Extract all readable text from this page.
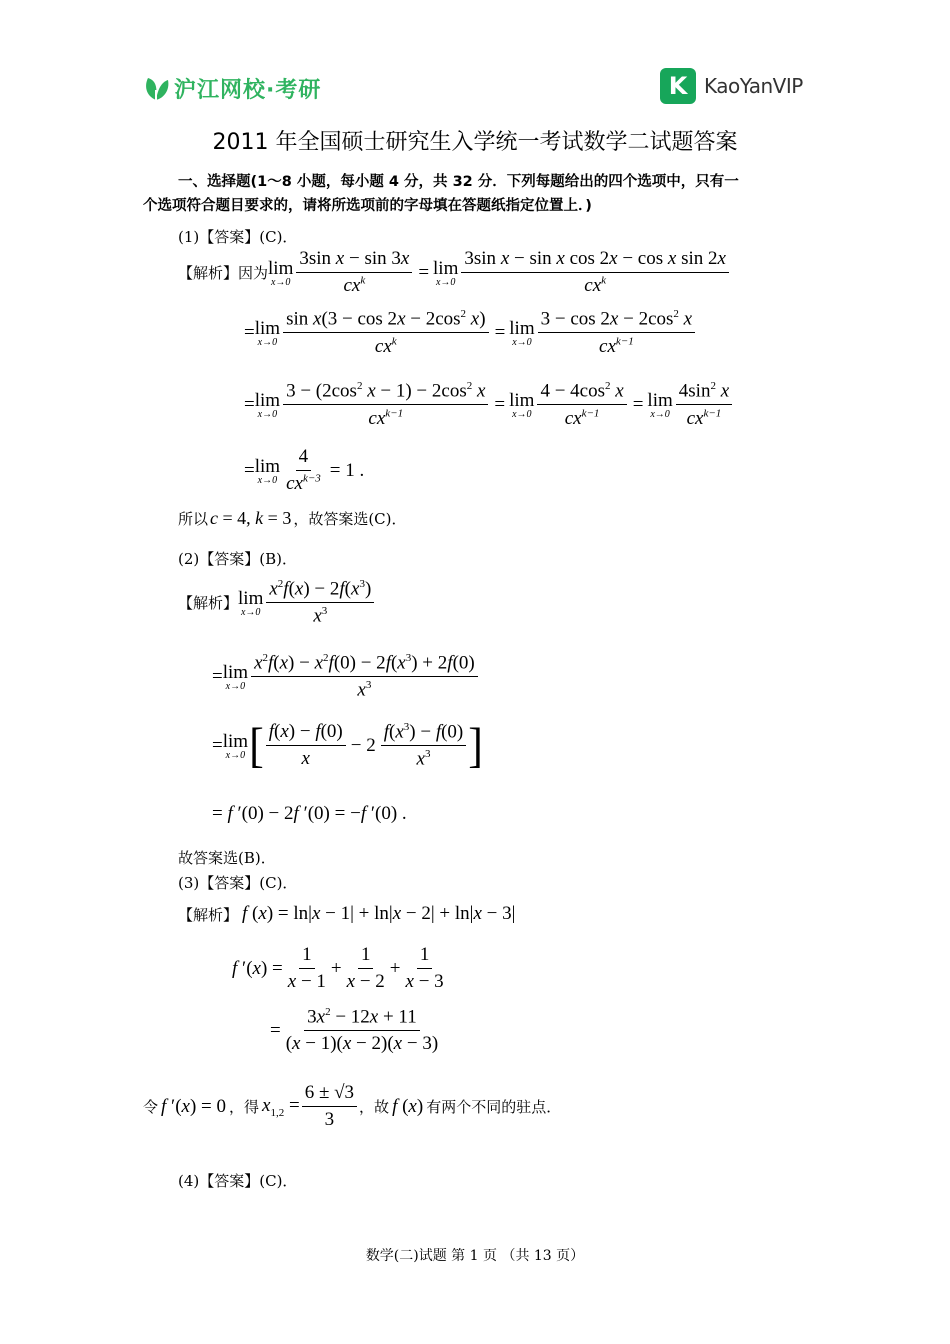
沪江网校·考研	K KaoYanVIP
2011 年全国硕士研究生入学统一考试数学二试题答案
一、选择题(1～8 小题，每小题 4 分，共 32 分．下列每题给出的四个选项中，只有一
个选项符合题目要求的，请将所选项前的字母填在答题纸指定位置上．)
(1)【答案】(C)．
【解析】因为 lim
$x\to 0 \frac{\text{3sin x − sin 3x}}{cx^k} = \lim$
$x\to 0 \frac{\text{3sin x − sin x cos 2x − cos x sin 2x}}{cx^k}$
= lim
$x\to 0 \frac{\sin x(3 - \cos 2x - 2\cos^2 x)}{cx^k} = \lim$
$x\to 0 \frac{3 - \cos 2x - 2\cos^2 x}{cx^{k-1}}$
= lim
$x\to 0 \frac{3 - (2\cos^2 x - 1) - 2\cos^2 x}{cx^{k-1}} = \lim$
$x\to 0 \frac{4 - 4\cos^2 x}{cx^{k-1}} = \lim$
$x\to 0 \frac{4\sin^2 x}{cx^{k-1}}$
= lim
$x\to 0 \frac{4}{cx^{k-3}} = 1$ .
所以 c = 4, k = 3 ，故答案选(C)．
(2)【答案】(B)．
【解析】 lim
$x\to 0 \frac{x^2f(x) - 2f(x^3)}{x^3}$
= lim
$x\to 0 \frac{x^2f(x) - x^2f(0) - 2f(x^3) + 2f(0)}{x^3}$
= lim
x→0 [ $\frac{f(x) - f(0)}{x} - 2 \frac{f(x^3) - f(0)}{x^3}$ ]
= f ′(0) − 2f ′(0) = −f ′(0) .
故答案选(B)．
(3)【答案】(C)．
【解析】 f (x) = ln|x − 1| + ln|x − 2| + ln|x − 3|
f $'(x) = \frac{1}{x - 1} + \frac{1}{x - 2} + \frac{1}{x - 3}$
= $\frac{3x^2 - 12x + 11}{(x - 1)(x - 2)(x - 3)}$
令 f ′(x) = 0 ，得 $x_{1,2} = \frac{6 \pm √3}{3}$ ，故 f (x) 有两个不同的驻点．
(4)【答案】(C)．
数学(二)试题 第 1 页 （共 13 页）
